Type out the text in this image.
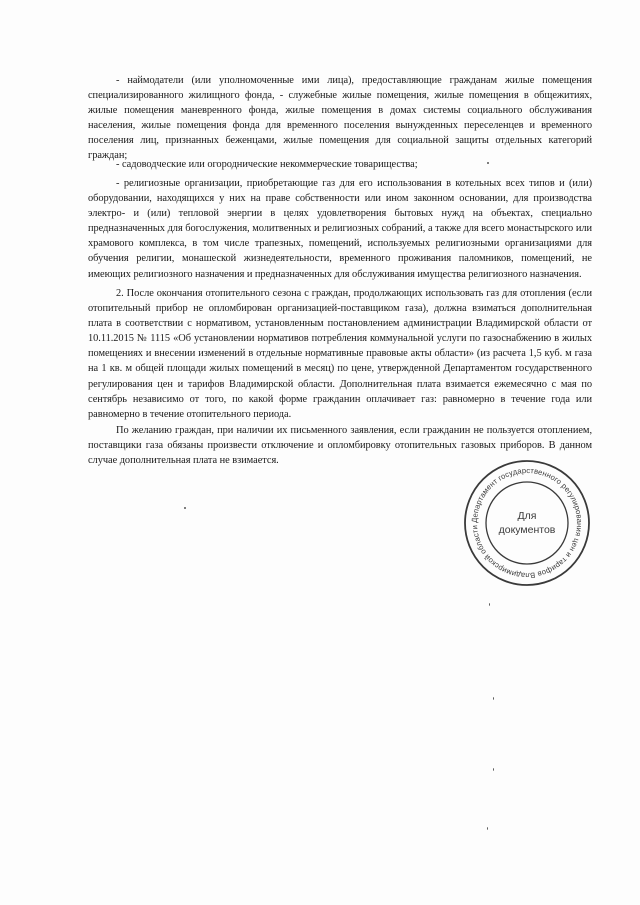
- наймодатели (или уполномоченные ими лица), предоставляющие гражданам жилые помещения специализированного жилищного фонда, - служебные жилые помещения, жилые помещения в общежитиях, жилые помещения маневренного фонда, жилые помещения в домах системы социального обслуживания населения, жилые помещения фонда для временного поселения вынужденных переселенцев и временного поселения лиц, признанных беженцами, жилые помещения для социальной защиты отдельных категорий граждан;

- садоводческие или огороднические некоммерческие товарищества;

- религиозные организации, приобретающие газ для его использования в котельных всех типов и (или) оборудовании, находящихся у них на праве собственности или ином законном основании, для производства электро- и (или) тепловой энергии в целях удовлетворения бытовых нужд на объектах, специально предназначенных для богослужения, молитвенных и религиозных собраний, а также для всего монастырского или храмового комплекса, в том числе трапезных, помещений, используемых религиозными организациями для обучения религии, монашеской жизнедеятельности, временного проживания паломников, помещений, не имеющих религиозного назначения и предназначенных для обслуживания имущества религиозного назначения.

2. После окончания отопительного сезона с граждан, продолжающих использовать газ для отопления (если отопительный прибор не опломбирован организацией-поставщиком газа), должна взиматься дополнительная плата в соответствии с нормативом, установленным постановлением администрации Владимирской области от 10.11.2015 № 1115 «Об установлении нормативов потребления коммунальной услуги по газоснабжению в жилых помещениях и внесении изменений в отдельные нормативные правовые акты области» (из расчета 1,5 куб. м газа на 1 кв. м общей площади жилых помещений в месяц) по цене, утвержденной Департаментом государственного регулирования цен и тарифов Владимирской области. Дополнительная плата взимается ежемесячно с мая по сентябрь независимо от того, по какой форме гражданин оплачивает газ: равномерно в течение года или равномерно в течение отопительного периода.

По желанию граждан, при наличии их письменного заявления, если гражданин не пользуется отоплением, поставщики газа обязаны произвести отключение и опломбировку отопительных газовых приборов. В данном случае дополнительная плата не взимается.

Департамент государственного регулирования цен и тарифов Владимирской области
Для
документов
